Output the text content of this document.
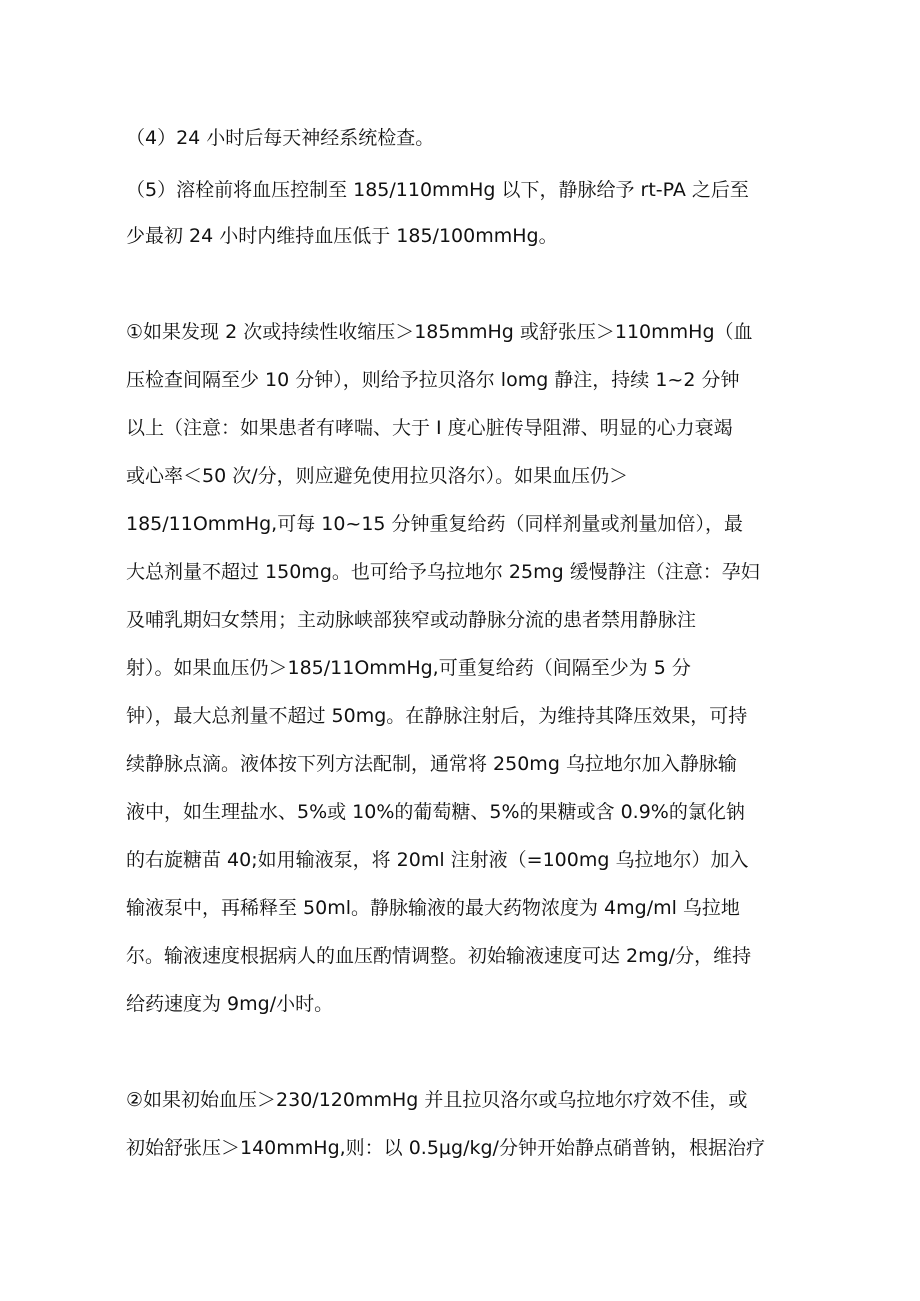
（4）24 小时后每天神经系统检查。
（5）溶栓前将血压控制至 185/110mmHg 以下，静脉给予 rt-PA 之后至
少最初 24 小时内维持血压低于 185/100mmHg。
①如果发现 2 次或持续性收缩压＞185mmHg 或舒张压＞110mmHg（血
压检查间隔至少 10 分钟），则给予拉贝洛尔 lomg 静注，持续 1~2 分钟
以上（注意：如果患者有哮喘、大于 I 度心脏传导阻滞、明显的心力衰竭
或心率＜50 次/分，则应避免使用拉贝洛尔）。如果血压仍＞
185/11OmmHg,可每 10~15 分钟重复给药（同样剂量或剂量加倍），最
大总剂量不超过 150mg。也可给予乌拉地尔 25mg 缓慢静注（注意：孕妇
及哺乳期妇女禁用；主动脉峡部狭窄或动静脉分流的患者禁用静脉注
射）。如果血压仍＞185/11OmmHg,可重复给药（间隔至少为 5 分
钟），最大总剂量不超过 50mg。在静脉注射后，为维持其降压效果，可持
续静脉点滴。液体按下列方法配制，通常将 250mg 乌拉地尔加入静脉输
液中，如生理盐水、5%或 10%的葡萄糖、5%的果糖或含 0.9%的氯化钠
的右旋糖苗 40;如用输液泵，将 20ml 注射液（=100mg 乌拉地尔）加入
输液泵中，再稀释至 50ml。静脉输液的最大药物浓度为 4mg/ml 乌拉地
尔。输液速度根据病人的血压酌情调整。初始输液速度可达 2mg/分，维持
给药速度为 9mg/小时。
②如果初始血压＞230/120mmHg 并且拉贝洛尔或乌拉地尔疗效不佳，或
初始舒张压＞140mmHg,则：以 0.5μg/kg/分钟开始静点硝普钠，根据治疗
